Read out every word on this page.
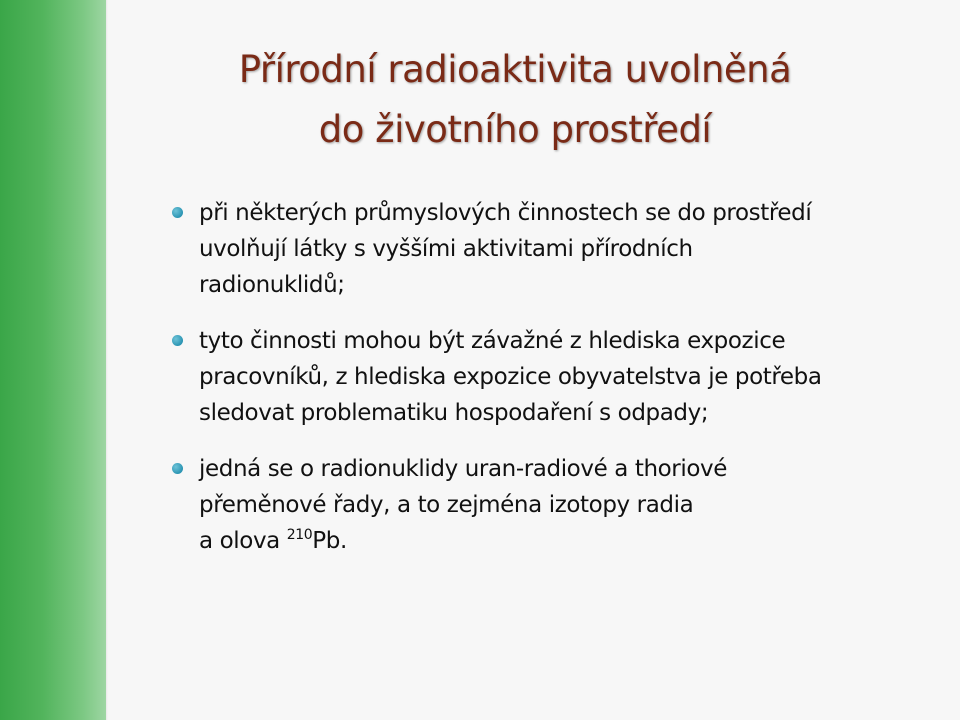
Přírodní radioaktivita uvolněná
do životního prostředí
při některých průmyslových činnostech se do prostředí
uvolňují látky s vyššími aktivitami přírodních
radionuklidů;
tyto činnosti mohou být závažné z hlediska expozice
pracovníků, z hlediska expozice obyvatelstva je potřeba
sledovat problematiku hospodaření s odpady;
jedná se o radionuklidy uran-radiové a thoriové
přeměnové řady, a to zejména izotopy radia
a olova $^{210}$Pb.
